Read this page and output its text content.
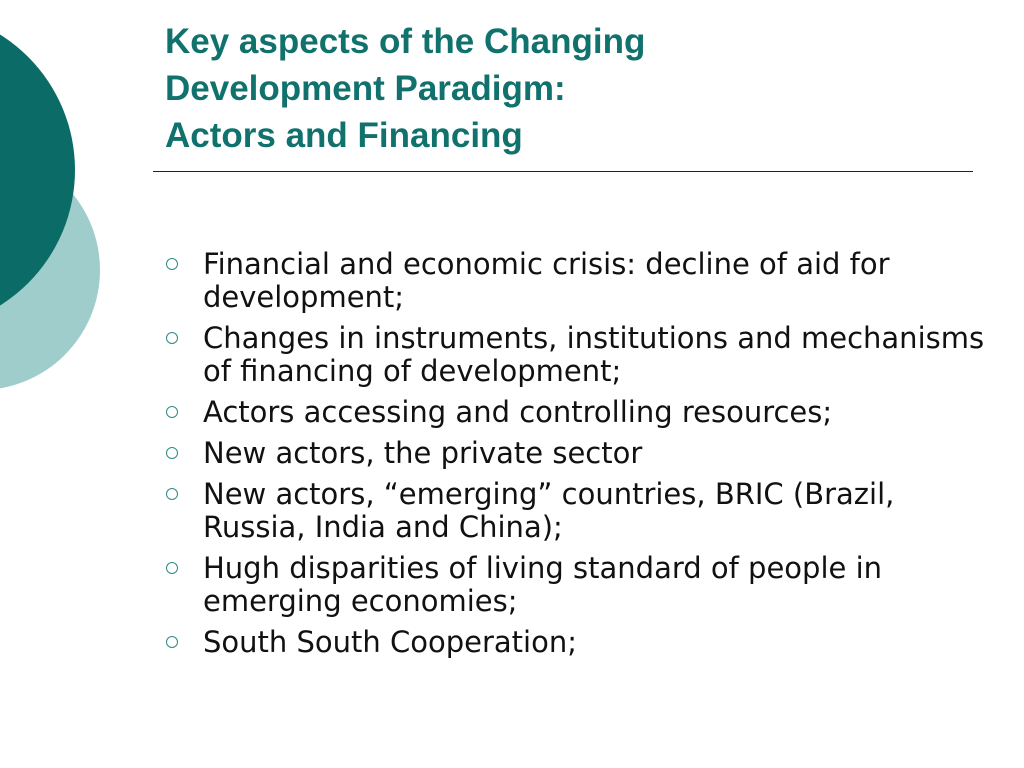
Key aspects of the Changing
Development Paradigm:
Actors and Financing
Financial and economic crisis: decline of aid for development;
Changes in instruments, institutions and mechanisms of financing of development;
Actors accessing and controlling resources;
New actors, the private sector
New actors, “emerging” countries, BRIC (Brazil, Russia, India and China);
Hugh disparities of living standard of people in emerging economies;
South South Cooperation;
